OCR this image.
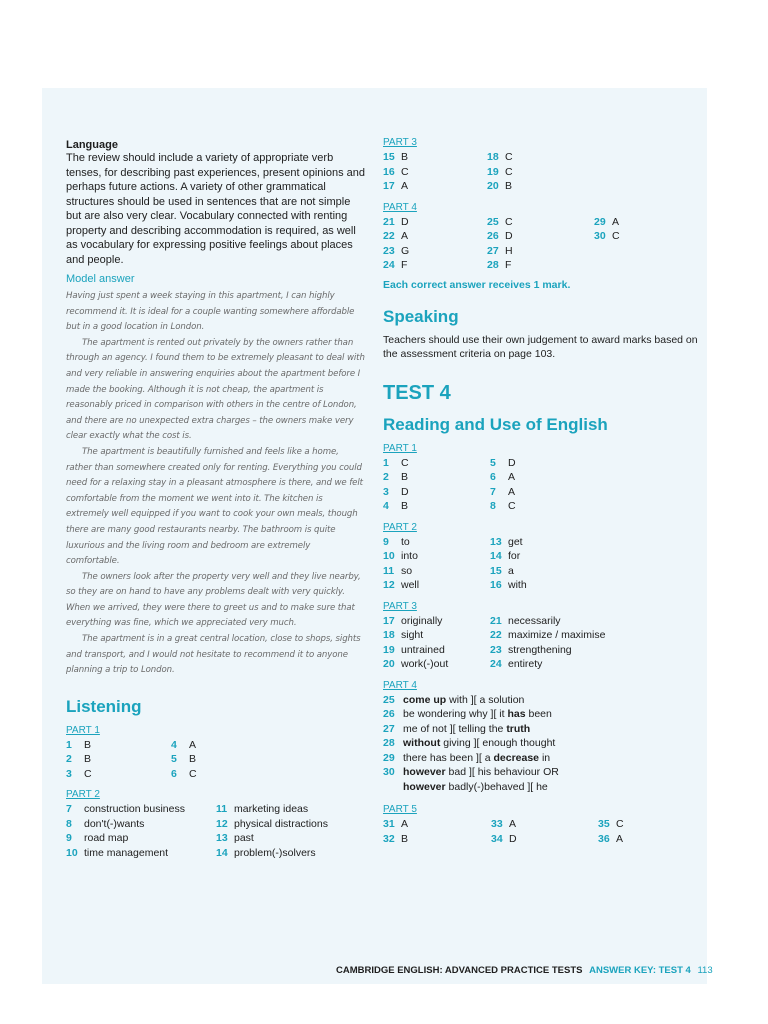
Language
The review should include a variety of appropriate verb tenses, for describing past experiences, present opinions and perhaps future actions. A variety of other grammatical structures should be used in sentences that are not simple but are also very clear. Vocabulary connected with renting property and describing accommodation is required, as well as vocabulary for expressing positive feelings about places and people.
Model answer

Having just spent a week staying in this apartment, I can highly recommend it. It is ideal for a couple wanting somewhere affordable but in a good location in London.

The apartment is rented out privately by the owners rather than through an agency. I found them to be extremely pleasant to deal with and very reliable in answering enquiries about the apartment before I made the booking. Although it is not cheap, the apartment is reasonably priced in comparison with others in the centre of London, and there are no unexpected extra charges – the owners make very clear exactly what the cost is.

The apartment is beautifully furnished and feels like a home, rather than somewhere created only for renting. Everything you could need for a relaxing stay in a pleasant atmosphere is there, and we felt comfortable from the moment we went into it. The kitchen is extremely well equipped if you want to cook your own meals, though there are many good restaurants nearby. The bathroom is quite luxurious and the living room and bedroom are extremely comfortable.

The owners look after the property very well and they live nearby, so they are on hand to have any problems dealt with very quickly. When we arrived, they were there to greet us and to make sure that everything was fine, which we appreciated very much.

The apartment is in a great central location, close to shops, sights and transport, and I would not hesitate to recommend it to anyone planning a trip to London.

Listening
PART 1
1	B
2	B
3	C
4	A
5	B
6	C
PART 2
7	construction business
8	don't(-)wants
9	road map
10 time management
11 marketing ideas
12 physical distractions
13 past
14 problem(-)solvers
PART 3
15 B
16 C
17 A
18 C
19 C
20 B
PART 4
21 D
22 A
23 G
24 F
25 C
26 D
27 H
28 F
29 A
30 C
Each correct answer receives 1 mark.
Speaking
Teachers should use their own judgement to award marks based on the assessment criteria on page 103.
TEST 4
Reading and Use of English
PART 1
1	C
2	B
3	D
4	B
5	D
6	A
7	A
8	C
PART 2
9	to
10 into
11 so
12 well
13 get
14 for
15 a
16 with
PART 3
17 originally
18 sight
19 untrained
20 work(-)out
21 necessarily
22 maximize / maximise
23 strengthening
24 entirety
PART 4
25 come up with ][ a solution
26 be wondering why ][ it has been
27 me of not ][ telling the truth
28 without giving ][ enough thought
29 there has been ][ a decrease in
30 however bad ][ his behaviour OR
however badly(-)behaved ][ he
PART 5
31 A
32 B
33 A
34 D
35 C
36 A
CAMBRIDGE ENGLISH: ADVANCED PRACTICE TESTS ANSWER KEY: TEST 4 113
